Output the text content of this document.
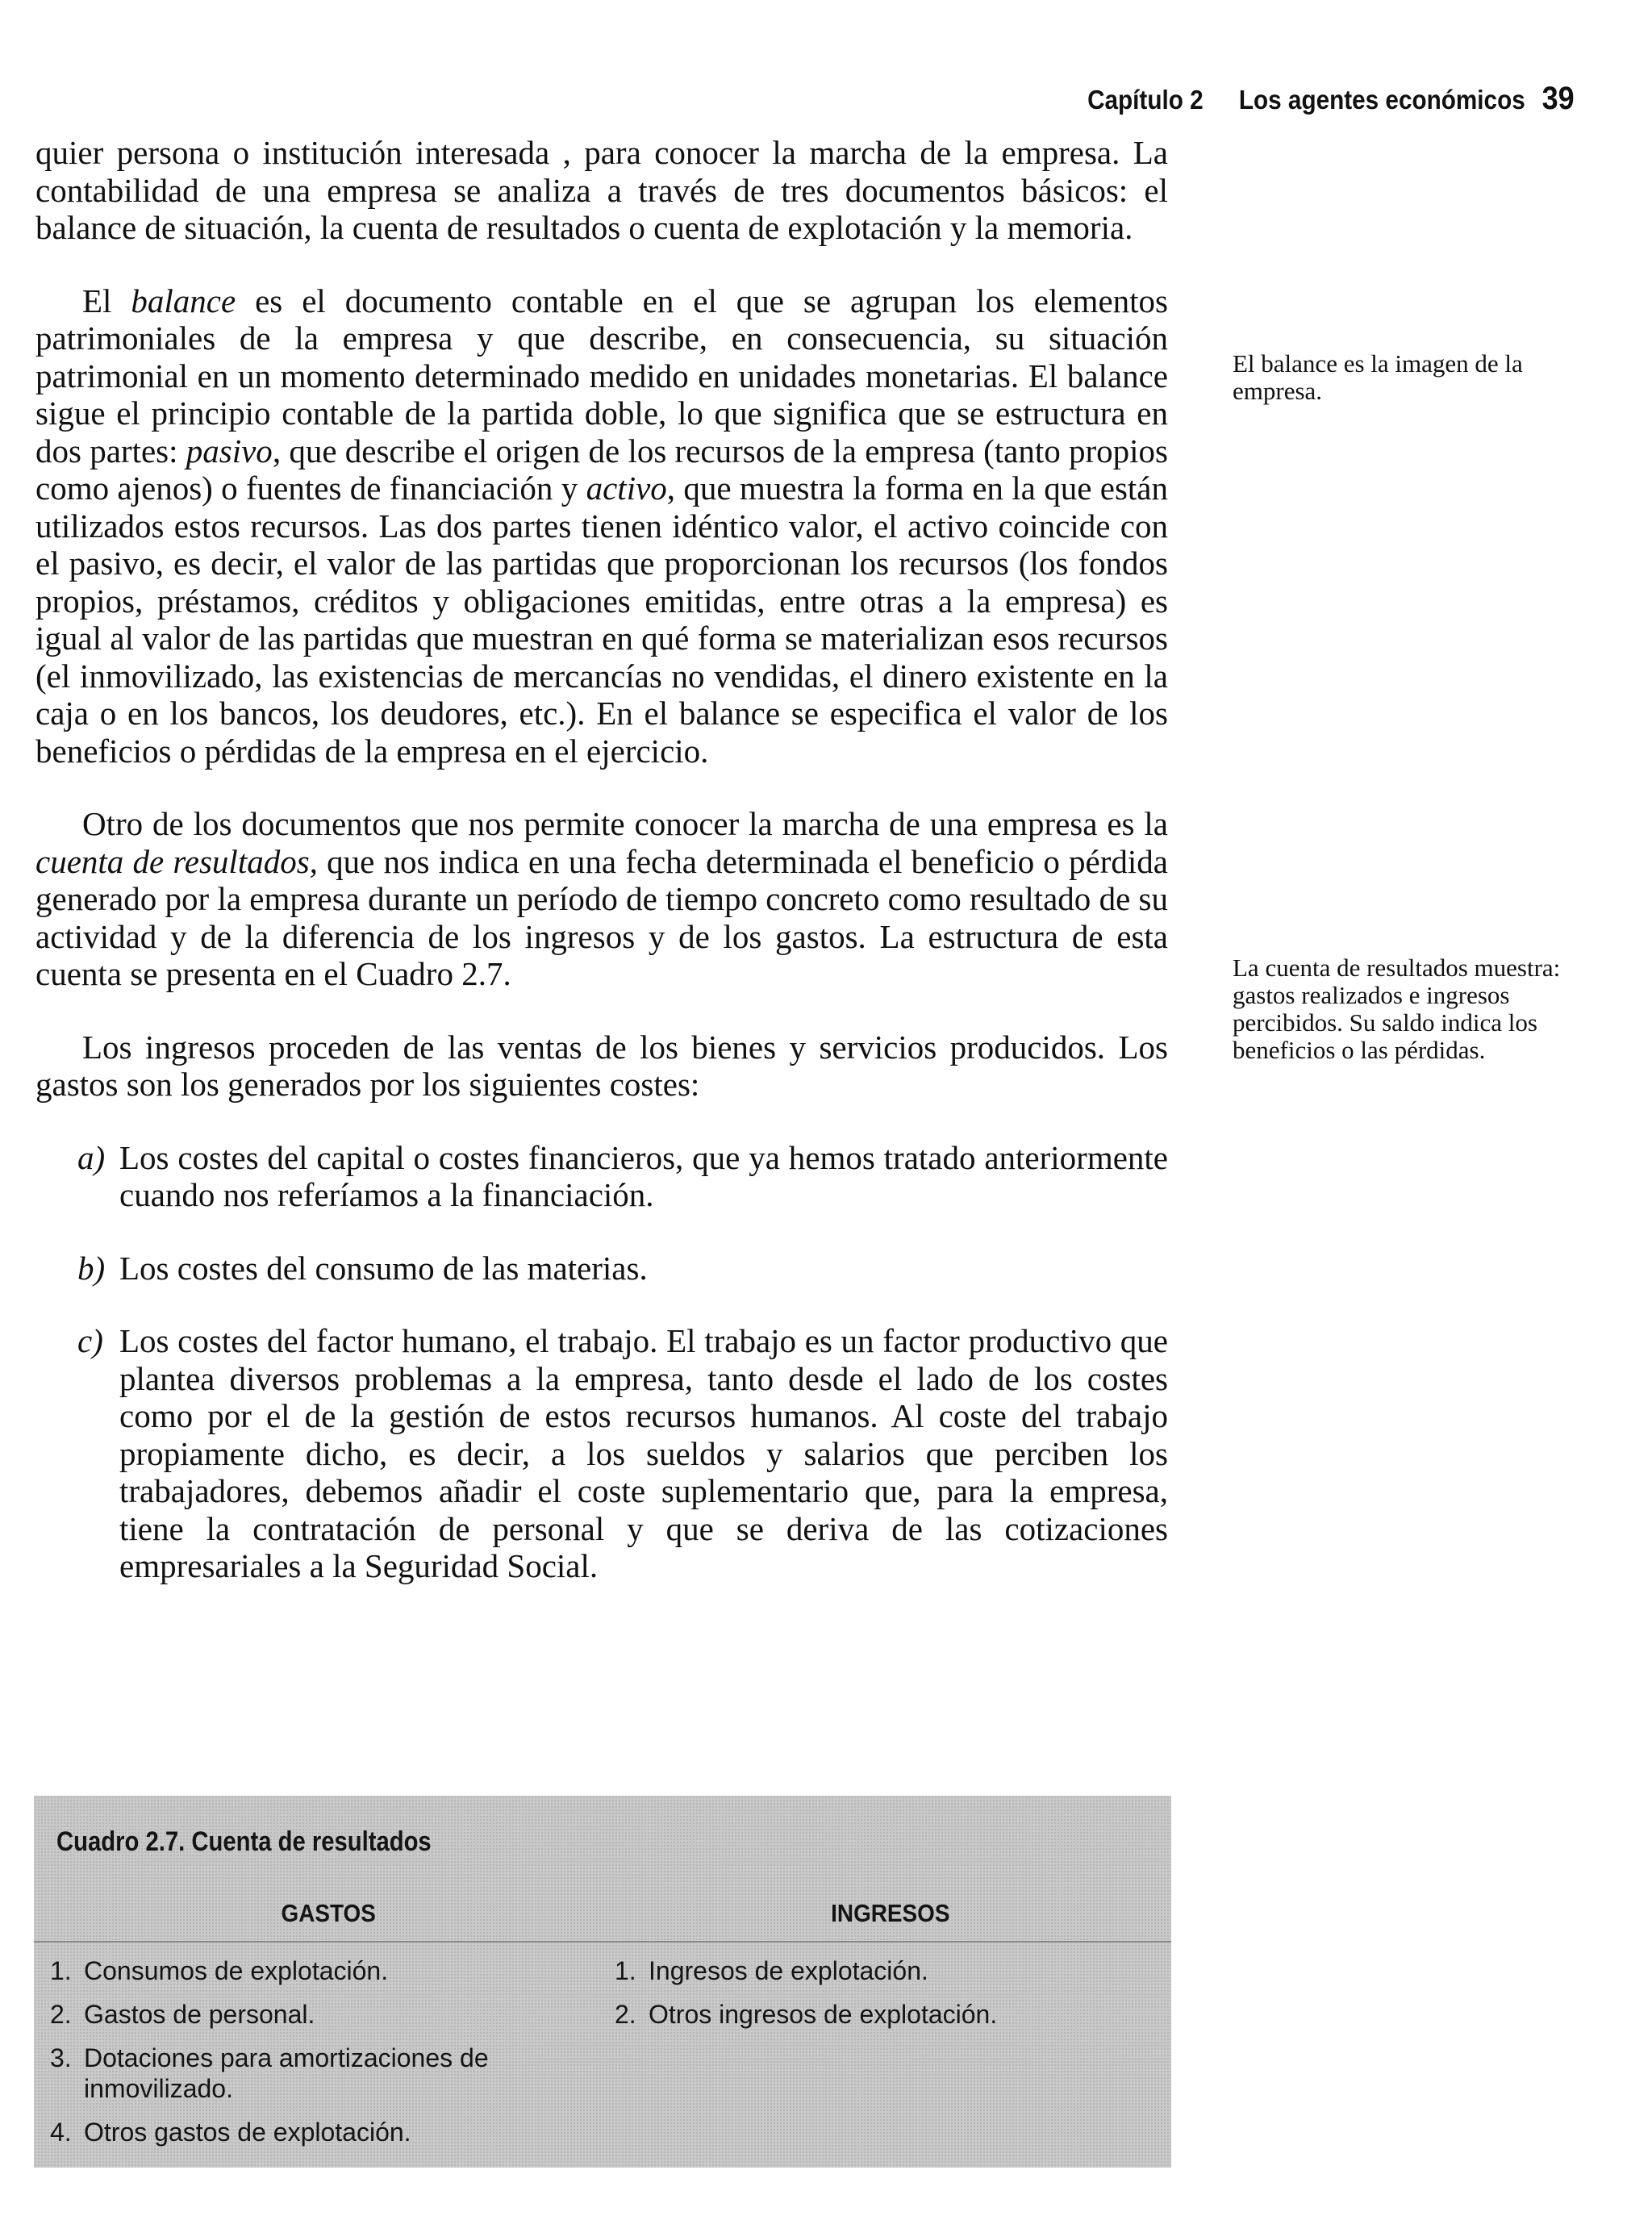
Capítulo 2 Los agentes económicos 39

quier persona o institución interesada , para conocer la marcha de la empresa. La contabilidad de una empresa se analiza a través de tres documentos básicos: el balance de situación, la cuenta de resultados o cuenta de explotación y la memoria.

El balance es el documento contable en el que se agrupan los elementos patrimoniales de la empresa y que describe, en consecuencia, su situación patrimonial en un momento determinado medido en unidades monetarias. El balance sigue el principio contable de la partida doble, lo que significa que se estructura en dos partes: pasivo, que describe el origen de los recursos de la empresa (tanto propios como ajenos) o fuentes de financiación y activo, que muestra la forma en la que están utilizados estos recursos. Las dos partes tienen idéntico valor, el activo coincide con el pasivo, es decir, el valor de las partidas que proporcionan los recursos (los fondos propios, préstamos, créditos y obligaciones emitidas, entre otras a la empresa) es igual al valor de las partidas que muestran en qué forma se materializan esos recursos (el inmovilizado, las existencias de mercancías no vendidas, el dinero existente en la caja o en los bancos, los deudores, etc.). En el balance se especifica el valor de los beneficios o pérdidas de la empresa en el ejercicio.

Otro de los documentos que nos permite conocer la marcha de una empresa es la cuenta de resultados, que nos indica en una fecha determinada el beneficio o pérdida generado por la empresa durante un período de tiempo concreto como resultado de su actividad y de la diferencia de los ingresos y de los gastos. La estructura de esta cuenta se presenta en el Cuadro 2.7.

Los ingresos proceden de las ventas de los bienes y servicios producidos. Los gastos son los generados por los siguientes costes:

a) Los costes del capital o costes financieros, que ya hemos tratado anteriormente cuando nos referíamos a la financiación.
b) Los costes del consumo de las materias.
c) Los costes del factor humano, el trabajo. El trabajo es un factor productivo que plantea diversos problemas a la empresa, tanto desde el lado de los costes como por el de la gestión de estos recursos humanos. Al coste del trabajo propiamente dicho, es decir, a los sueldos y salarios que perciben los trabajadores, debemos añadir el coste suplementario que, para la empresa, tiene la contratación de personal y que se deriva de las cotizaciones empresariales a la Seguridad Social.
El balance es la imagen de la empresa.
La cuenta de resultados muestra: gastos realizados e ingresos percibidos. Su saldo indica los beneficios o las pérdidas.
Cuadro 2.7. Cuenta de resultados
GASTOS	INGRESOS
1. Consumos de explotación.
2. Gastos de personal.
3. Dotaciones para amortizaciones de inmovilizado.
4. Otros gastos de explotación.
1. Ingresos de explotación.
2. Otros ingresos de explotación.
